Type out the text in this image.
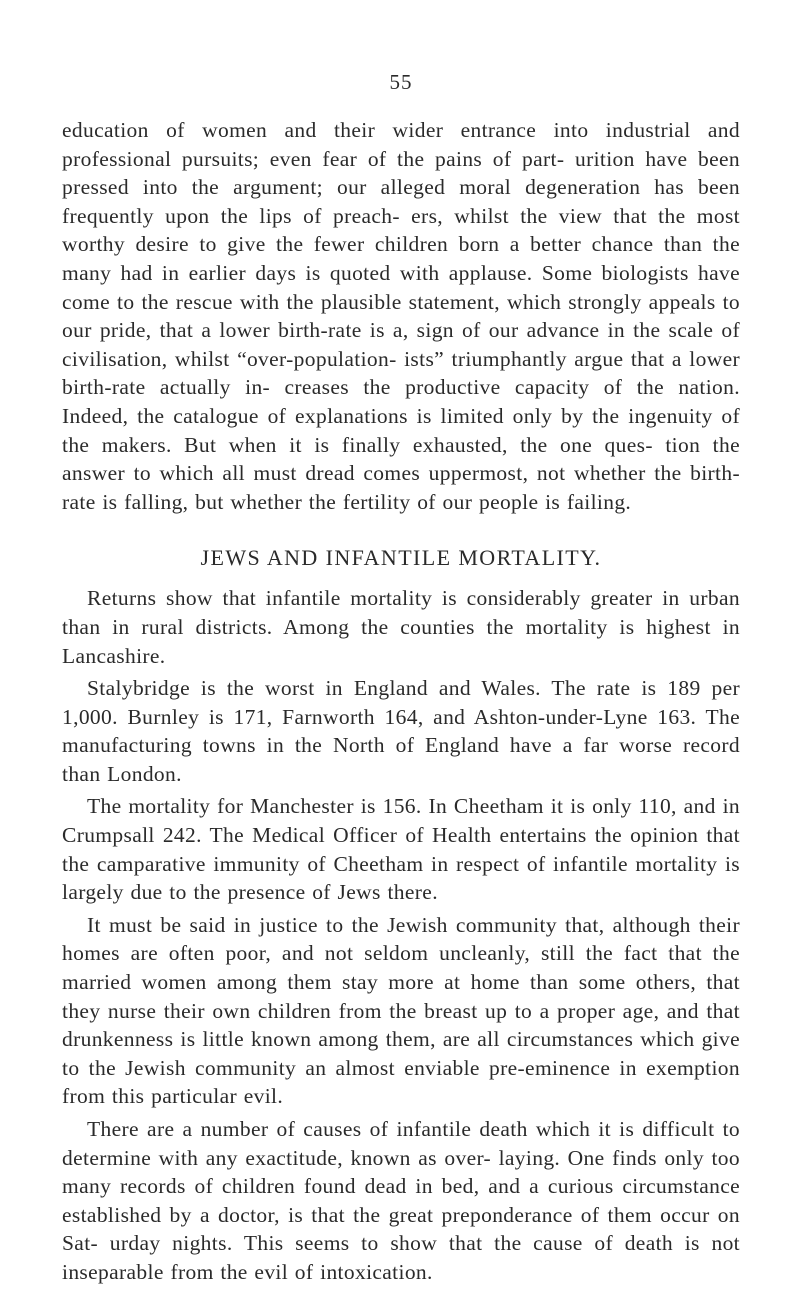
55

education of women and their wider entrance into industrial and professional pursuits; even fear of the pains of part- urition have been pressed into the argument; our alleged moral degeneration has been frequently upon the lips of preach- ers, whilst the view that the most worthy desire to give the fewer children born a better chance than the many had in earlier days is quoted with applause. Some biologists have come to the rescue with the plausible statement, which strongly appeals to our pride, that a lower birth-rate is a, sign of our advance in the scale of civilisation, whilst “over-population- ists” triumphantly argue that a lower birth-rate actually in- creases the productive capacity of the nation. Indeed, the catalogue of explanations is limited only by the ingenuity of the makers. But when it is finally exhausted, the one ques- tion the answer to which all must dread comes uppermost, not whether the birth-rate is falling, but whether the fertility of our people is failing.

JEWS AND INFANTILE MORTALITY.

Returns show that infantile mortality is considerably greater in urban than in rural districts. Among the counties the mortality is highest in Lancashire.

Stalybridge is the worst in England and Wales. The rate is 189 per 1,000. Burnley is 171, Farnworth 164, and Ashton-under-Lyne 163. The manufacturing towns in the North of England have a far worse record than London.

The mortality for Manchester is 156. In Cheetham it is only 110, and in Crumpsall 242. The Medical Officer of Health entertains the opinion that the camparative immunity of Cheetham in respect of infantile mortality is largely due to the presence of Jews there.

It must be said in justice to the Jewish community that, although their homes are often poor, and not seldom uncleanly, still the fact that the married women among them stay more at home than some others, that they nurse their own children from the breast up to a proper age, and that drunkenness is little known among them, are all circumstances which give to the Jewish community an almost enviable pre-eminence in exemption from this particular evil.

There are a number of causes of infantile death which it is difficult to determine with any exactitude, known as over- laying. One finds only too many records of children found dead in bed, and a curious circumstance established by a doctor, is that the great preponderance of them occur on Sat- urday nights. This seems to show that the cause of death is not inseparable from the evil of intoxication.
